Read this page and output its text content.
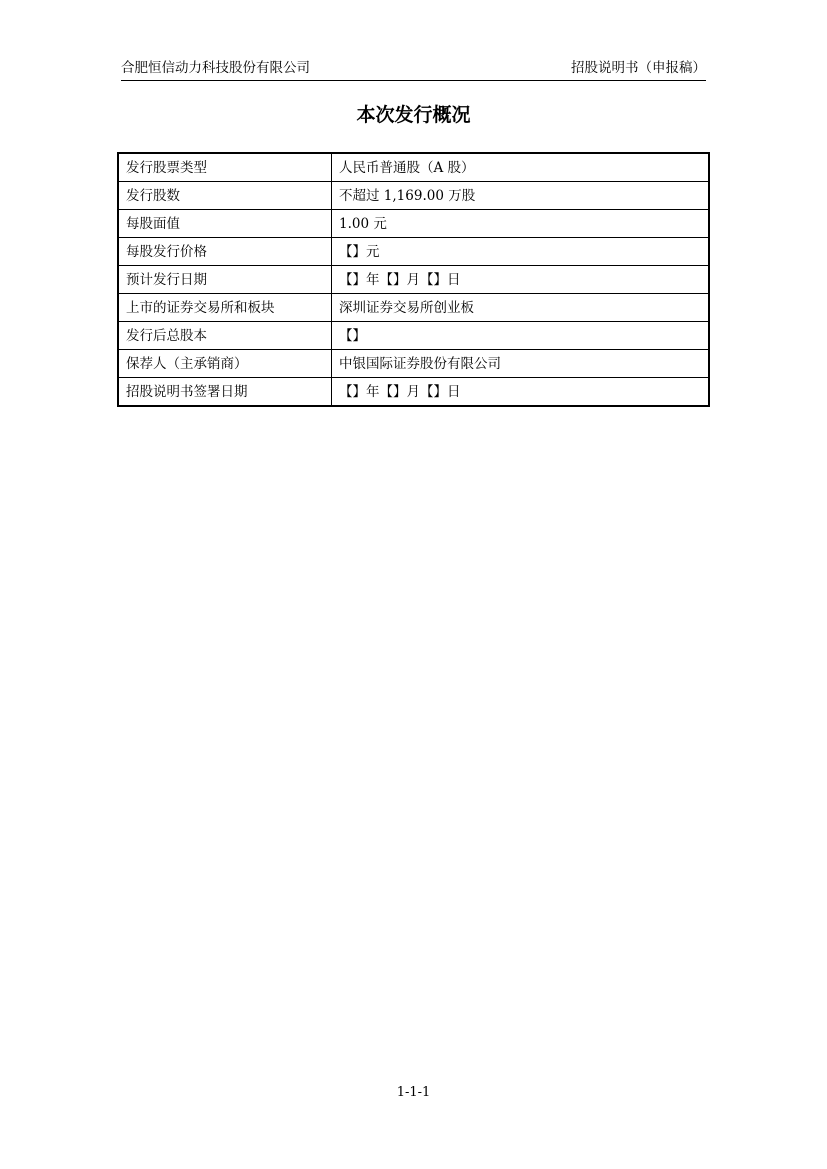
合肥恒信动力科技股份有限公司	招股说明书（申报稿）
本次发行概况
发行股票类型	人民币普通股（A 股）
发行股数	不超过 1,169.00 万股
每股面值	1.00 元
每股发行价格	【】元
预计发行日期	【】年【】月【】日
上市的证券交易所和板块	深圳证券交易所创业板
发行后总股本	【】
保荐人（主承销商）	中银国际证券股份有限公司
招股说明书签署日期	【】年【】月【】日
1-1-1
